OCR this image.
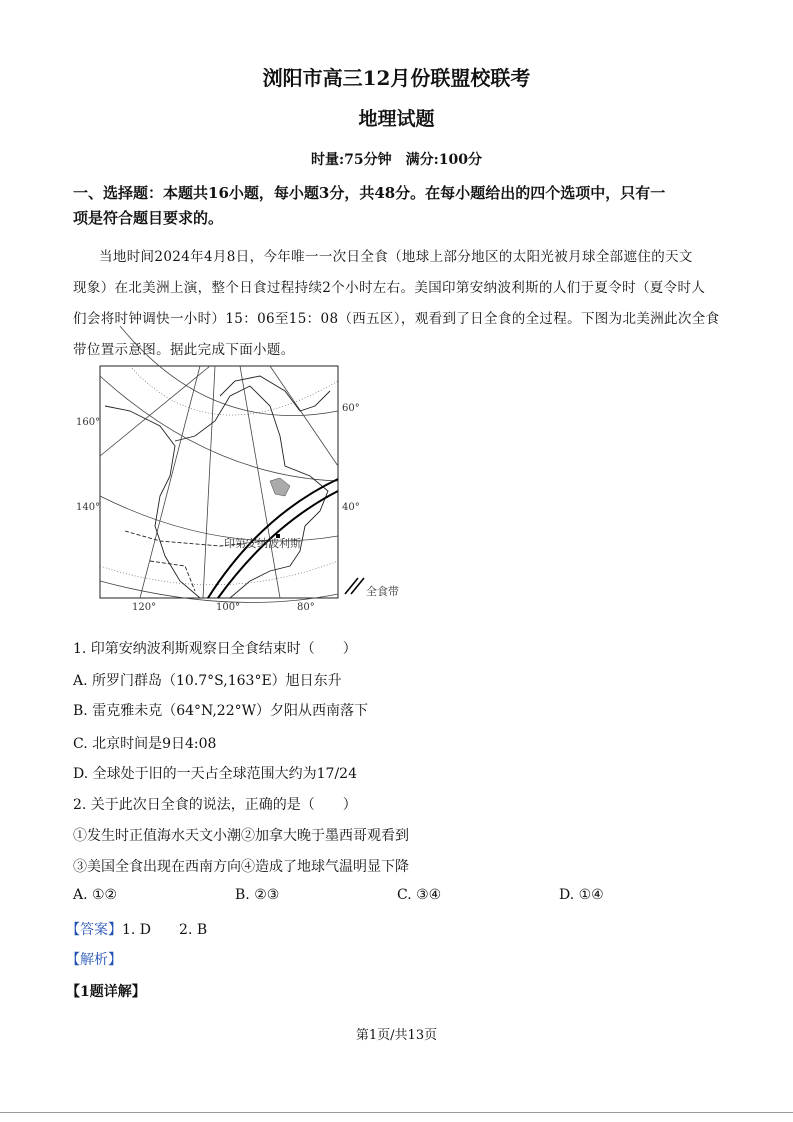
浏阳市高三12月份联盟校联考
地理试题
时量:75分钟　满分:100分
一、选择题：本题共16小题，每小题3分，共48分。在每小题给出的四个选项中，只有一
项是符合题目要求的。
当地时间2024年4月8日，今年唯一一次日全食（地球上部分地区的太阳光被月球全部遮住的天文
现象）在北美洲上演，整个日食过程持续2个小时左右。美国印第安纳波利斯的人们于夏令时（夏令时人
们会将时钟调快一小时）15：06至15：08（西五区），观看到了日全食的全过程。下图为北美洲此次全食
带位置示意图。据此完成下面小题。
160°
140°
120°	100°	80°
60°
40°
印第安纳波利斯
全食带
1. 印第安纳波利斯观察日全食结束时（　　）
A. 所罗门群岛（10.7°S,163°E）旭日东升
B. 雷克雅未克（64°N,22°W）夕阳从西南落下
C. 北京时间是9日4:08
D. 全球处于旧的一天占全球范围大约为17/24
2. 关于此次日全食的说法，正确的是（　　）
①发生时正值海水天文小潮②加拿大晚于墨西哥观看到
③美国全食出现在西南方向④造成了地球气温明显下降
A. ①②	B. ②③	C. ③④	D. ①④
【答案】1. D　　2. B
【解析】
【1题详解】
第1页/共13页
